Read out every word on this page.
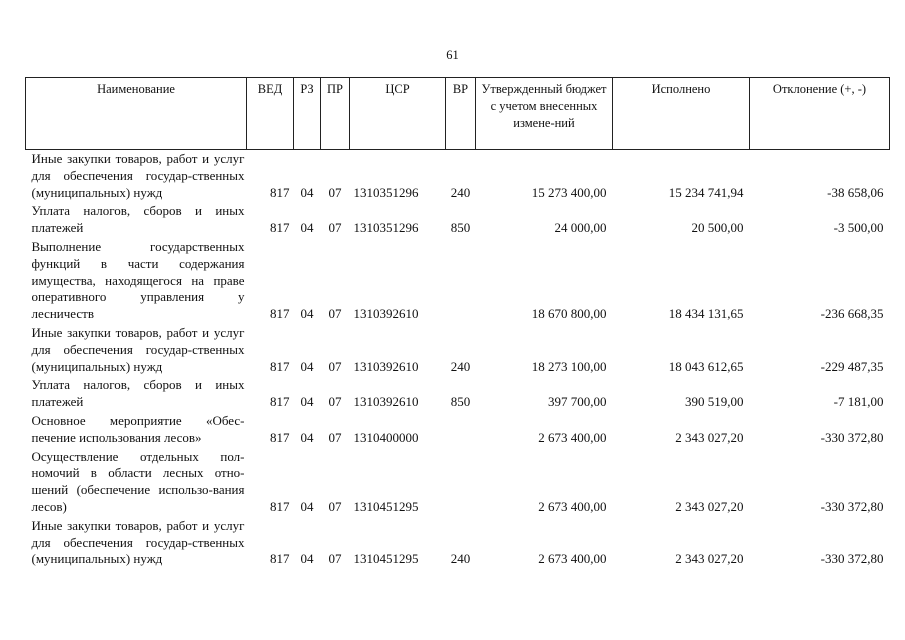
61
Наименование	ВЕД	РЗ	ПР	ЦСР	ВР	Утвержденный бюджет с учетом внесенных измене-ний	Исполнено	Отклонение (+, -)
Иные закупки товаров, работ и услуг для обеспечения государ-ственных (муниципальных) нужд	817	04	07	1310351296	240	15 273 400,00	15 234 741,94	-38 658,06
Уплата налогов, сборов и иных платежей	817	04	07	1310351296	850	24 000,00	20 500,00	-3 500,00
Выполнение государственных функций в части содержания имущества, находящегося на праве оперативного управления у лесничеств	817	04	07	1310392610		18 670 800,00	18 434 131,65	-236 668,35
Иные закупки товаров, работ и услуг для обеспечения государ-ственных (муниципальных) нужд	817	04	07	1310392610	240	18 273 100,00	18 043 612,65	-229 487,35
Уплата налогов, сборов и иных платежей	817	04	07	1310392610	850	397 700,00	390 519,00	-7 181,00
Основное мероприятие «Обес-печение использования лесов»	817	04	07	1310400000		2 673 400,00	2 343 027,20	-330 372,80
Осуществление отдельных пол-номочий в области лесных отно-шений (обеспечение использо-вания лесов)	817	04	07	1310451295		2 673 400,00	2 343 027,20	-330 372,80
Иные закупки товаров, работ и услуг для обеспечения государ-ственных (муниципальных) нужд	817	04	07	1310451295	240	2 673 400,00	2 343 027,20	-330 372,80
